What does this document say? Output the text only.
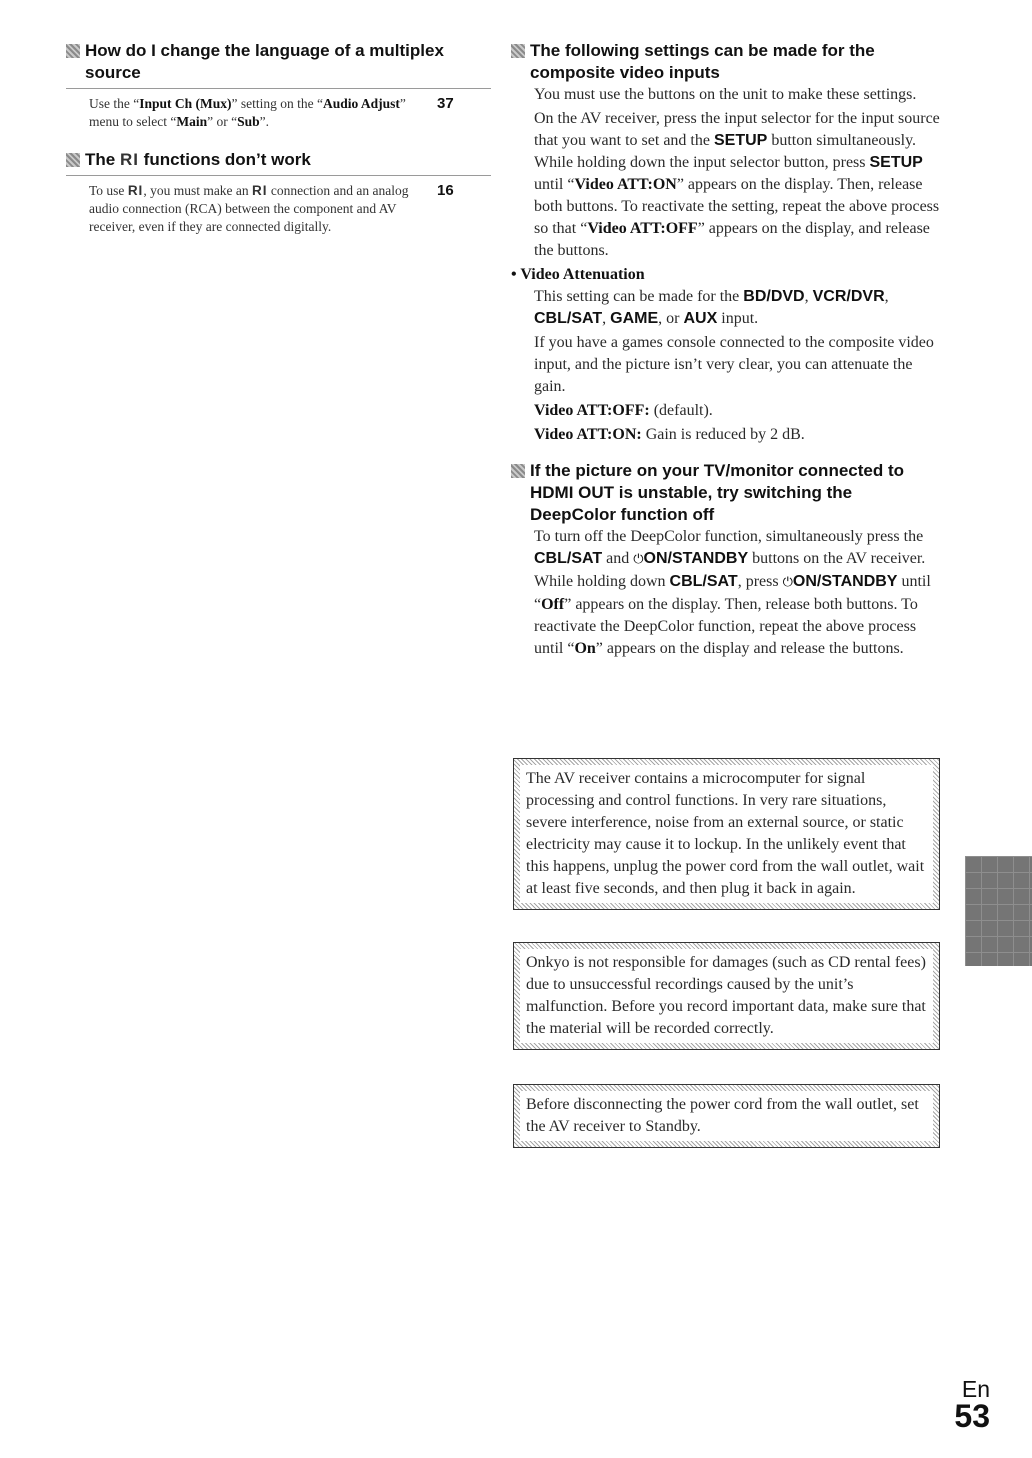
How do I change the language of a multiplex source
Use the “Input Ch (Mux)” setting on the “Audio Adjust” menu to select “Main” or “Sub”.
37
The RI functions don’t work
To use RI, you must make an RI connection and an analog audio connection (RCA) between the component and AV receiver, even if they are connected digitally.
16
The following settings can be made for the composite video inputs

You must use the buttons on the unit to make these settings.

On the AV receiver, press the input selector for the input source that you want to set and the SETUP button simultaneously. While holding down the input selector button, press SETUP until “Video ATT:ON” appears on the display. Then, release both buttons. To reactivate the setting, repeat the above process so that “Video ATT:OFF” appears on the display, and release the buttons.

• Video Attenuation

This setting can be made for the BD/DVD, VCR/DVR, CBL/SAT, GAME, or AUX input.

If you have a games console connected to the composite video input, and the picture isn’t very clear, you can attenuate the gain.

Video ATT:OFF: (default).

Video ATT:ON: Gain is reduced by 2 dB.

If the picture on your TV/monitor connected to HDMI OUT is unstable, try switching the DeepColor function off

To turn off the DeepColor function, simultaneously press the CBL/SAT and ⏻ON/STANDBY buttons on the AV receiver. While holding down CBL/SAT, press ⏻ON/STANDBY until “Off” appears on the display. Then, release both buttons. To reactivate the DeepColor function, repeat the above process until “On” appears on the display and release the buttons.

The AV receiver contains a microcomputer for signal processing and control functions. In very rare situations, severe interference, noise from an external source, or static electricity may cause it to lockup. In the unlikely event that this happens, unplug the power cord from the wall outlet, wait at least five seconds, and then plug it back in again.
Onkyo is not responsible for damages (such as CD rental fees) due to unsuccessful recordings caused by the unit’s malfunction. Before you record important data, make sure that the material will be recorded correctly.
Before disconnecting the power cord from the wall outlet, set the AV receiver to Standby.
En
53
